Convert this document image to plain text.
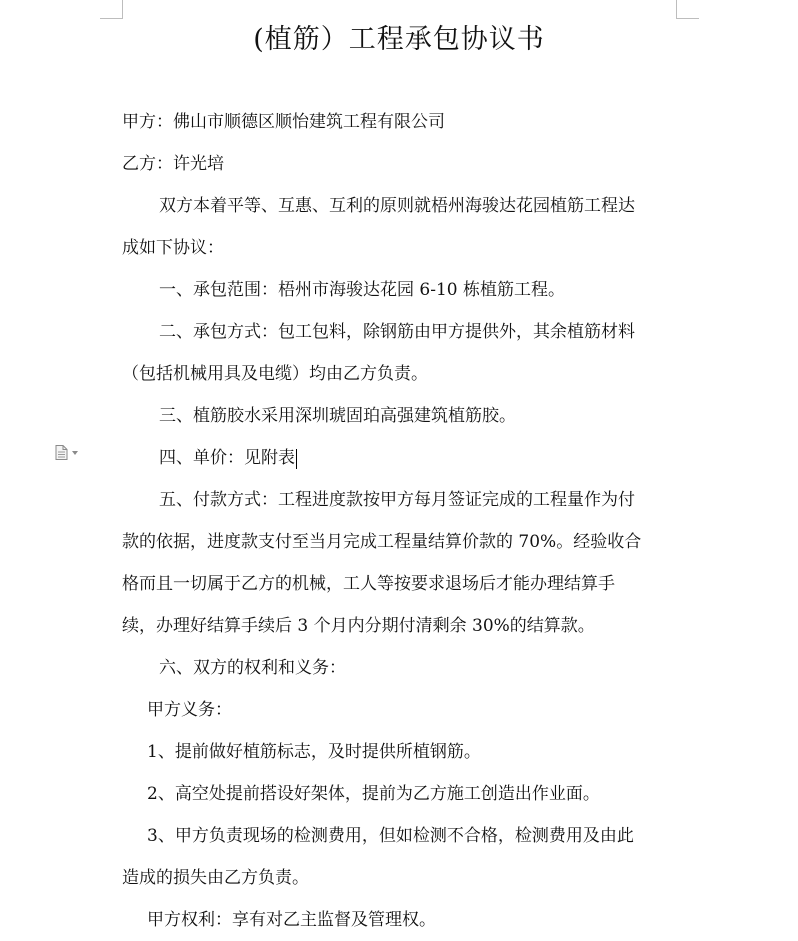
(植筋）工程承包协议书
甲方：佛山市顺德区顺怡建筑工程有限公司
乙方：许光培
双方本着平等、互惠、互利的原则就梧州海骏达花园植筋工程达
成如下协议：
一、承包范围：梧州市海骏达花园 6-10 栋植筋工程。
二、承包方式：包工包料，除钢筋由甲方提供外，其余植筋材料
（包括机械用具及电缆）均由乙方负责。
三、植筋胶水采用深圳琥固珀高强建筑植筋胶。
四、单价：见附表
五、付款方式：工程进度款按甲方每月签证完成的工程量作为付
款的依据，进度款支付至当月完成工程量结算价款的 70%。经验收合
格而且一切属于乙方的机械，工人等按要求退场后才能办理结算手
续，办理好结算手续后 3 个月内分期付清剩余 30%的结算款。
六、双方的权利和义务：
甲方义务：
1、提前做好植筋标志，及时提供所植钢筋。
2、高空处提前搭设好架体，提前为乙方施工创造出作业面。
3、甲方负责现场的检测费用，但如检测不合格，检测费用及由此
造成的损失由乙方负责。
甲方权利：享有对乙主监督及管理权。
